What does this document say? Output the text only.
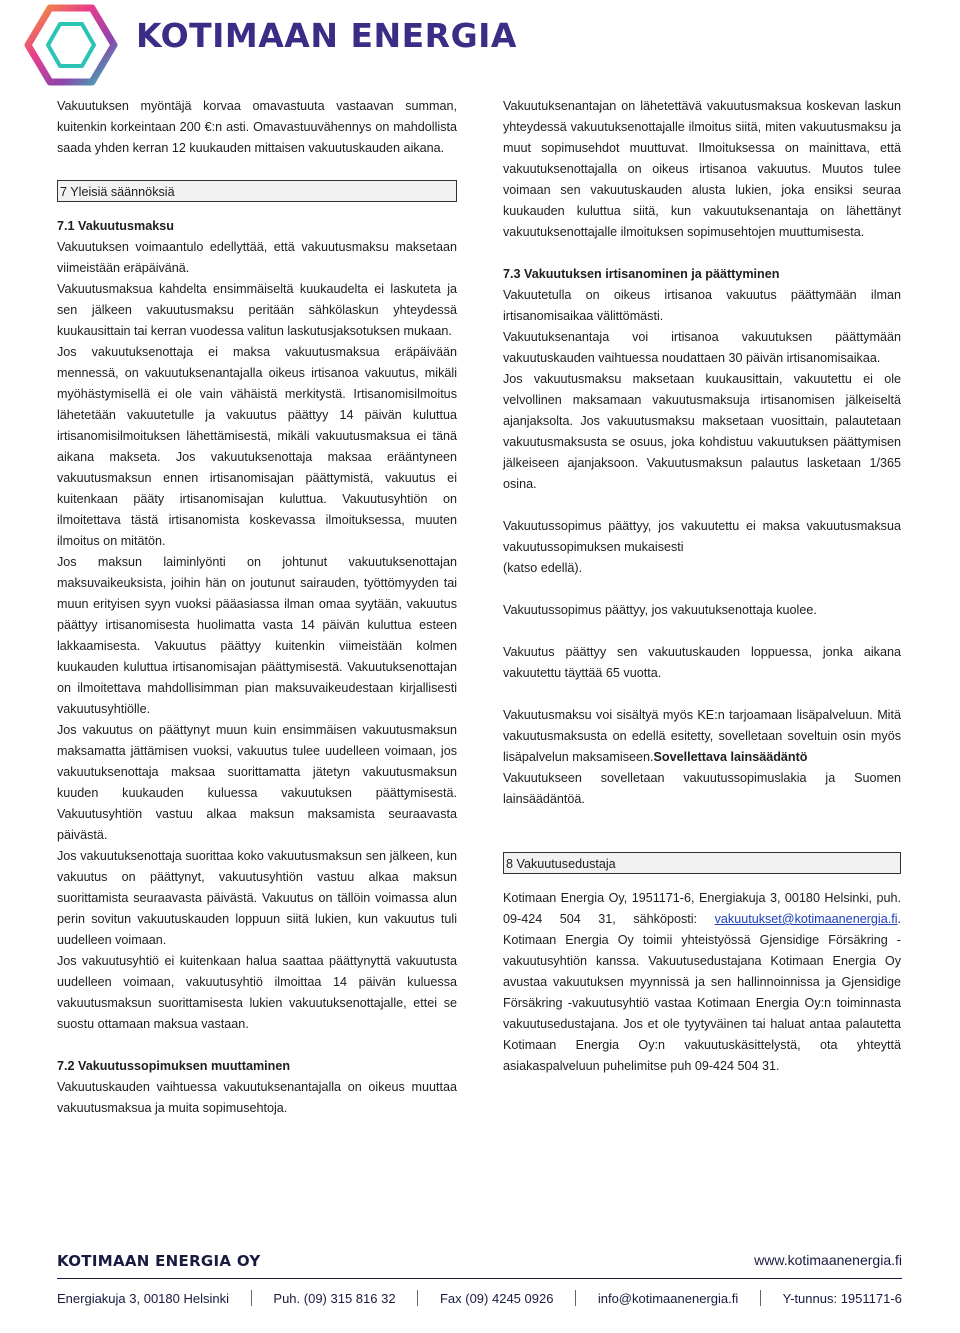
KOTIMAAN ENERGIA

Vakuutuksen myöntäjä korvaa omavastuuta vastaavan summan, kuitenkin korkeintaan 200 €:n asti. Omavastuuvähennys on mahdollista saada yhden kerran 12 kuukauden mittaisen vakuutuskauden aikana.

7 Yleisiä säännöksiä
7.1 Vakuutusmaksu

Vakuutuksen voimaantulo edellyttää, että vakuutusmaksu maksetaan viimeistään eräpäivänä.

Vakuutusmaksua kahdelta ensimmäiseltä kuukaudelta ei laskuteta ja sen jälkeen vakuutusmaksu peritään sähkölaskun yhteydessä kuukausittain tai kerran vuodessa valitun laskutusjaksotuksen mukaan.

Jos vakuutuksenottaja ei maksa vakuutusmaksua eräpäivään mennessä, on vakuutuksenantajalla oikeus irtisanoa vakuutus, mikäli myöhästymisellä ei ole vain vähäistä merkitystä. Irtisanomisilmoitus lähetetään vakuutetulle ja vakuutus päättyy 14 päivän kuluttua irtisanomisilmoituksen lähettämisestä, mikäli vakuutusmaksua ei tänä aikana makseta. Jos vakuutuksenottaja maksaa erääntyneen vakuutusmaksun ennen irtisanomisajan päättymistä, vakuutus ei kuitenkaan pääty irtisanomisajan kuluttua. Vakuutusyhtiön on ilmoitettava tästä irtisanomista koskevassa ilmoituksessa, muuten ilmoitus on mitätön.

Jos maksun laiminlyönti on johtunut vakuutuksenottajan maksuvaikeuksista, joihin hän on joutunut sairauden, työttömyyden tai muun erityisen syyn vuoksi pääasiassa ilman omaa syytään, vakuutus päättyy irtisanomisesta huolimatta vasta 14 päivän kuluttua esteen lakkaamisesta. Vakuutus päättyy kuitenkin viimeistään kolmen kuukauden kuluttua irtisanomisajan päättymisestä. Vakuutuksenottajan on ilmoitettava mahdollisimman pian maksuvaikeudestaan kirjallisesti vakuutusyhtiölle.

Jos vakuutus on päättynyt muun kuin ensimmäisen vakuutusmaksun maksamatta jättämisen vuoksi, vakuutus tulee uudelleen voimaan, jos vakuutuksenottaja maksaa suorittamatta jätetyn vakuutusmaksun kuuden kuukauden kuluessa vakuutuksen päättymisestä. Vakuutusyhtiön vastuu alkaa maksun maksamista seuraavasta päivästä.

Jos vakuutuksenottaja suorittaa koko vakuutusmaksun sen jälkeen, kun vakuutus on päättynyt, vakuutusyhtiön vastuu alkaa maksun suorittamista seuraavasta päivästä. Vakuutus on tällöin voimassa alun perin sovitun vakuutuskauden loppuun siitä lukien, kun vakuutus tuli uudelleen voimaan.

Jos vakuutusyhtiö ei kuitenkaan halua saattaa päättynyttä vakuutusta uudelleen voimaan, vakuutusyhtiö ilmoittaa 14 päivän kuluessa vakuutusmaksun suorittamisesta lukien vakuutuksenottajalle, ettei se suostu ottamaan maksua vastaan.

7.2 Vakuutussopimuksen muuttaminen

Vakuutuskauden vaihtuessa vakuutuksenantajalla on oikeus muuttaa vakuutusmaksua ja muita sopimusehtoja.

Vakuutuksenantajan on lähetettävä vakuutusmaksua koskevan laskun yhteydessä vakuutuksenottajalle ilmoitus siitä, miten vakuutusmaksu ja muut sopimusehdot muuttuvat. Ilmoituksessa on mainittava, että vakuutuksenottajalla on oikeus irtisanoa vakuutus. Muutos tulee voimaan sen vakuutuskauden alusta lukien, joka ensiksi seuraa kuukauden kuluttua siitä, kun vakuutuksenantaja on lähettänyt vakuutuksenottajalle ilmoituksen sopimusehtojen muuttumisesta.

7.3 Vakuutuksen irtisanominen ja päättyminen

Vakuutetulla on oikeus irtisanoa vakuutus päättymään ilman irtisanomisaikaa välittömästi.

Vakuutuksenantaja voi irtisanoa vakuutuksen päättymään vakuutuskauden vaihtuessa noudattaen 30 päivän irtisanomisaikaa.

Jos vakuutusmaksu maksetaan kuukausittain, vakuutettu ei ole velvollinen maksamaan vakuutusmaksuja irtisanomisen jälkeiseltä ajanjaksolta. Jos vakuutusmaksu maksetaan vuosittain, palautetaan vakuutusmaksusta se osuus, joka kohdistuu vakuutuksen päättymisen jälkeiseen ajanjaksoon. Vakuutusmaksun palautus lasketaan 1/365 osina.

Vakuutussopimus päättyy, jos vakuutettu ei maksa vakuutusmaksua vakuutussopimuksen mukaisesti

(katso edellä).

Vakuutussopimus päättyy, jos vakuutuksenottaja kuolee.

Vakuutus päättyy sen vakuutuskauden loppuessa, jonka aikana vakuutettu täyttää 65 vuotta.

Vakuutusmaksu voi sisältyä myös KE:n tarjoamaan lisäpalveluun. Mitä vakuutusmaksusta on edellä esitetty, sovelletaan soveltuin osin myös lisäpalvelun maksamiseen.Sovellettava lainsäädäntö

Vakuutukseen sovelletaan vakuutussopimuslakia ja Suomen lainsäädäntöä.

8 Vakuutusedustaja

Kotimaan Energia Oy, 1951171-6, Energiakuja 3, 00180 Helsinki, puh. 09-424 504 31, sähköposti: vakuutukset@kotimaanenergia.fi. Kotimaan Energia Oy toimii yhteistyössä Gjensidige Försäkring -vakuutusyhtiön kanssa. Vakuutusedustajana Kotimaan Energia Oy avustaa vakuutuksen myynnissä ja sen hallinnoinnissa ja Gjensidige Försäkring -vakuutusyhtiö vastaa Kotimaan Energia Oy:n toiminnasta vakuutusedustajana. Jos et ole tyytyväinen tai haluat antaa palautetta Kotimaan Energia Oy:n vakuutuskäsittelystä, ota yhteyttä asiakaspalveluun puhelimitse puh 09-424 504 31.

KOTIMAAN ENERGIA OY	www.kotimaanenergia.fi
Energiakuja 3, 00180 Helsinki	Puh. (09) 315 816 32	Fax (09) 4245 0926	info@kotimaanenergia.fi	Y-tunnus: 1951171-6
